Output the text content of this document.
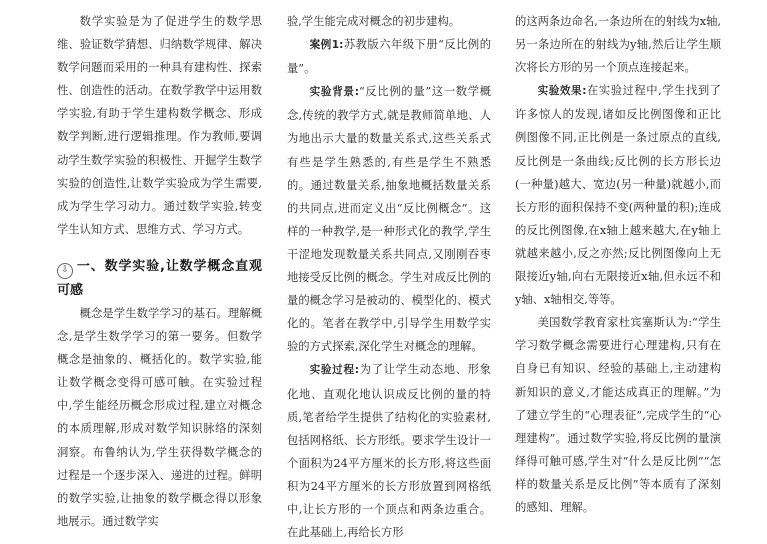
数学实验是为了促进学生的数学思维、验证数学猜想、归纳数学规律、解决数学问题而采用的一种具有建构性、探索性、创造性的活动。在数学教学中运用数学实验,有助于学生建构数学概念、形成数学判断,进行逻辑推理。作为教师,要调动学生数学实验的积极性、开掘学生数学实验的创造性,让数学实验成为学生需要,成为学生学习动力。通过数学实验,转变学生认知方式、思维方式、学习方式。

⇩ 一、数学实验,让数学概念直观可感

概念是学生数学学习的基石。理解概念,是学生数学学习的第一要务。但数学概念是抽象的、概括化的。数学实验,能让数学概念变得可感可触。在实验过程中,学生能经历概念形成过程,建立对概念的本质理解,形成对数学知识脉络的深刻洞察。布鲁纳认为,学生获得数学概念的过程是一个逐步深入、递进的过程。鲜明的数学实验,让抽象的数学概念得以形象地展示。通过数学实

验,学生能完成对概念的初步建构。

案例1:苏教版六年级下册“反比例的量”。

实验背景:“反比例的量”这一数学概念,传统的教学方式,就是教师简单地、人为地出示大量的数量关系式,这些关系式有些是学生熟悉的,有些是学生不熟悉的。通过数量关系,抽象地概括数量关系的共同点,进而定义出“反比例概念”。这样的一种教学,是一种形式化的教学,学生干涩地发现数量关系共同点,又刚刚吞枣地接受反比例的概念。学生对成反比例的量的概念学习是被动的、模型化的、模式化的。笔者在教学中,引导学生用数学实验的方式探索,深化学生对概念的理解。

实验过程:为了让学生动态地、形象化地、直观化地认识成反比例的量的特质,笔者给学生提供了结构化的实验素材,包括网格纸、长方形纸。要求学生设计一个面积为24平方厘米的长方形,将这些面积为24平方厘米的长方形放置到网格纸中,让长方形的一个顶点和两条边重合。在此基础上,再给长方形

的这两条边命名,一条边所在的射线为x轴,另一条边所在的射线为y轴,然后让学生顺次将长方形的另一个顶点连接起来。

实验效果:在实验过程中,学生找到了许多惊人的发现,诸如反比例图像和正比例图像不同,正比例是一条过原点的直线,反比例是一条曲线;反比例的长方形长边(一种量)越大、宽边(另一种量)就越小,而长方形的面积保持不变(两种量的积);连成的反比例图像,在x轴上越来越大,在y轴上就越来越小,反之亦然;反比例图像向上无限接近y轴,向右无限接近x轴,但永远不和y轴、x轴相交,等等。

美国数学教育家杜宾塞斯认为:“学生学习数学概念需要进行心理建构,只有在自身已有知识、经验的基础上,主动建构新知识的意义,才能达成真正的理解。”为了建立学生的“心理表征”,完成学生的“心理建构”。通过数学实验,将反比例的量演绎得可触可感,学生对“什么是反比例”“怎样的数量关系是反比例”等本质有了深刻的感知、理解。
